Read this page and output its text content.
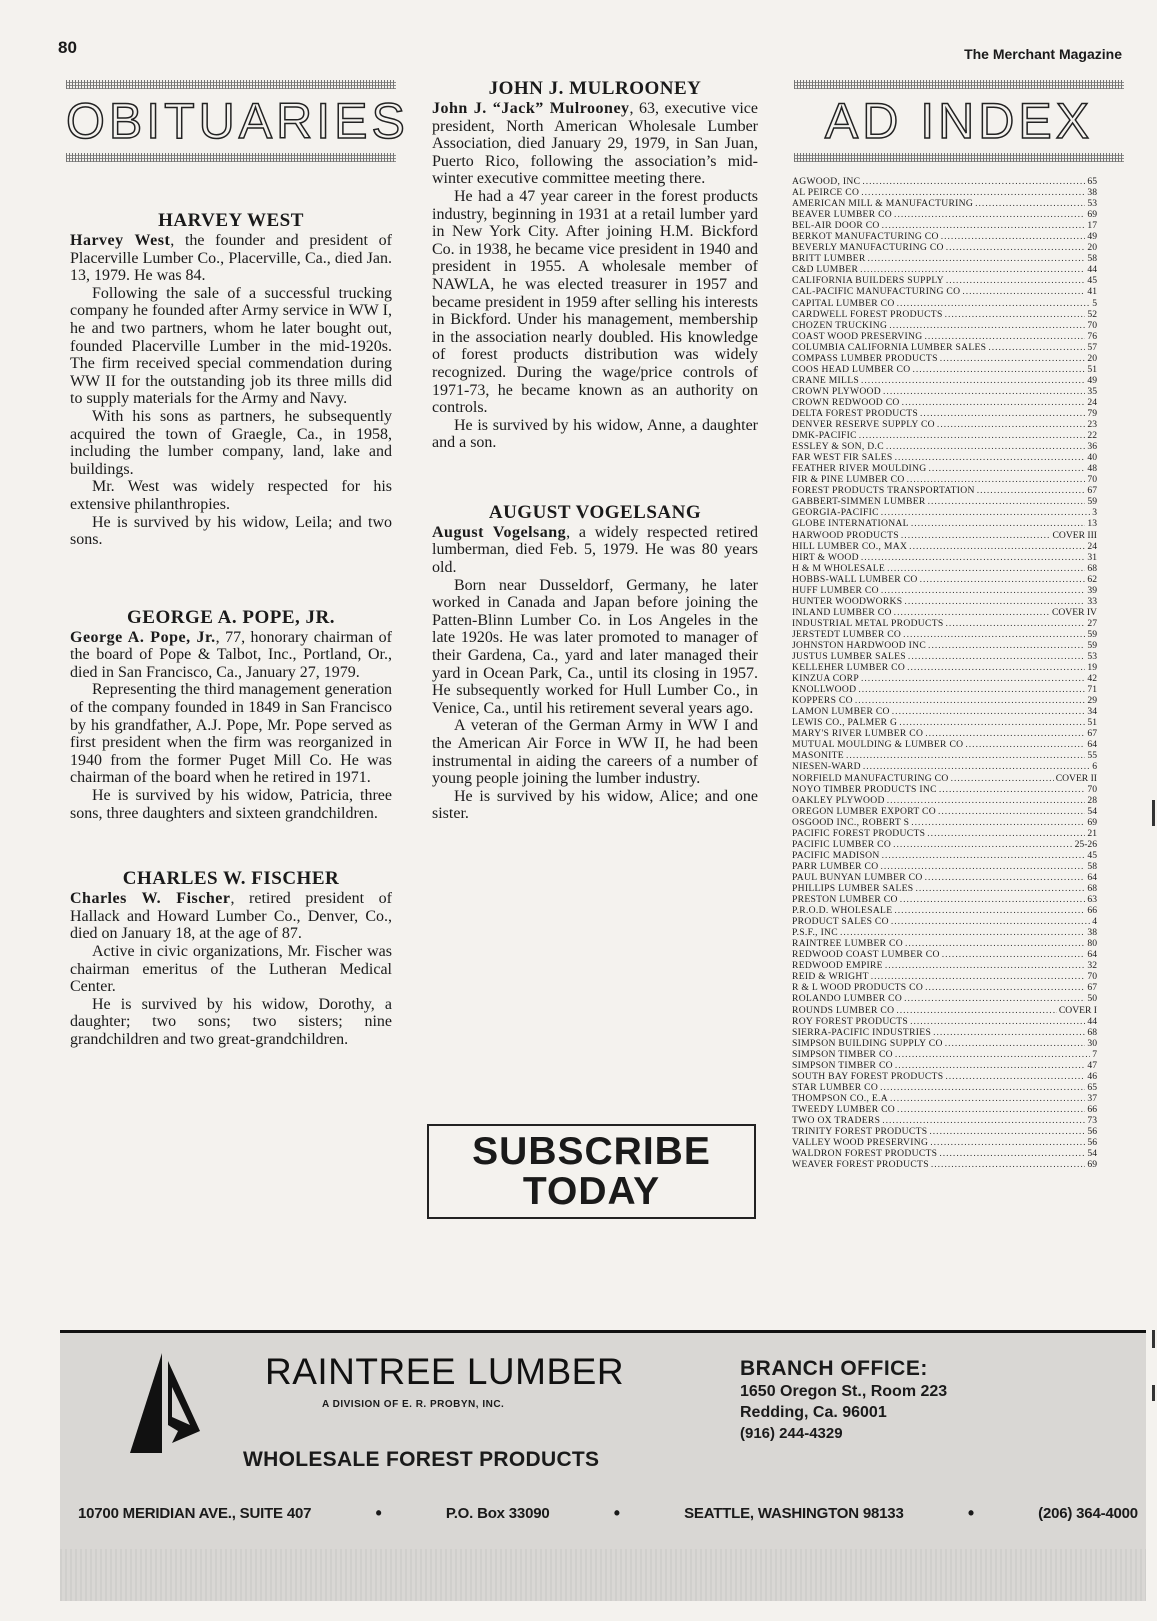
80	The Merchant Magazine
OBITUARIES	AD INDEX
HARVEY WEST

Harvey West, the founder and president of Placerville Lumber Co., Placerville, Ca., died Jan. 13, 1979. He was 84.

Following the sale of a successful trucking company he founded after Army service in WW I, he and two partners, whom he later bought out, founded Placerville Lumber in the mid-1920s. The firm received special commendation during WW II for the outstanding job its three mills did to supply materials for the Army and Navy.

With his sons as partners, he subsequently acquired the town of Graegle, Ca., in 1958, including the lumber company, land, lake and buildings.

Mr. West was widely respected for his extensive philanthropies.

He is survived by his widow, Leila; and two sons.

GEORGE A. POPE, JR.

George A. Pope, Jr., 77, honorary chairman of the board of Pope & Talbot, Inc., Portland, Or., died in San Francisco, Ca., January 27, 1979.

Representing the third management generation of the company founded in 1849 in San Francisco by his grandfather, A.J. Pope, Mr. Pope served as first president when the firm was reorganized in 1940 from the former Puget Mill Co. He was chairman of the board when he retired in 1971.

He is survived by his widow, Patricia, three sons, three daughters and sixteen grandchildren.

CHARLES W. FISCHER

Charles W. Fischer, retired president of Hallack and Howard Lumber Co., Denver, Co., died on January 18, at the age of 87.

Active in civic organizations, Mr. Fischer was chairman emeritus of the Lutheran Medical Center.

He is survived by his widow, Dorothy, a daughter; two sons; two sisters; nine grandchildren and two great-grandchildren.

JOHN J. MULROONEY

John J. “Jack” Mulrooney, 63, executive vice president, North American Wholesale Lumber Association, died January 29, 1979, in San Juan, Puerto Rico, following the association’s mid-winter executive committee meeting there.

He had a 47 year career in the forest products industry, beginning in 1931 at a retail lumber yard in New York City. After joining H.M. Bickford Co. in 1938, he became vice president in 1940 and president in 1955. A wholesale member of NAWLA, he was elected treasurer in 1957 and became president in 1959 after selling his interests in Bickford. Under his management, membership in the association nearly doubled. His knowledge of forest products distribution was widely recognized. During the wage/price controls of 1971-73, he became known as an authority on controls.

He is survived by his widow, Anne, a daughter and a son.

AUGUST VOGELSANG

August Vogelsang, a widely respected retired lumberman, died Feb. 5, 1979. He was 80 years old.

Born near Dusseldorf, Germany, he later worked in Canada and Japan before joining the Patten-Blinn Lumber Co. in Los Angeles in the late 1920s. He was later promoted to manager of their Gardena, Ca., yard and later managed their yard in Ocean Park, Ca., until its closing in 1957. He subsequently worked for Hull Lumber Co., in Venice, Ca., until his retirement several years ago.

A veteran of the German Army in WW I and the American Air Force in WW II, he had been instrumental in aiding the careers of a number of young people joining the lumber industry.

He is survived by his widow, Alice; and one sister.

SUBSCRIBE
TODAY
AGWOOD, INC .....	65
AL PEIRCE CO .....	38
AMERICAN MILL & MANUFACTURING .....	53
BEAVER LUMBER CO .....	69
BEL-AIR DOOR CO .....	17
BERKOT MANUFACTURING CO .....	49
BEVERLY MANUFACTURING CO .....	20
BRITT LUMBER .....	58
C&D LUMBER .....	44
CALIFORNIA BUILDERS SUPPLY .....	45
CAL-PACIFIC MANUFACTURING CO .....	41
CAPITAL LUMBER CO .....	5
CARDWELL FOREST PRODUCTS .....	52
CHOZEN TRUCKING .....	70
COAST WOOD PRESERVING .....	76
COLUMBIA CALIFORNIA LUMBER SALES .....	57
COMPASS LUMBER PRODUCTS .....	20
COOS HEAD LUMBER CO .....	51
CRANE MILLS .....	49
CROWN PLYWOOD .....	35
CROWN REDWOOD CO .....	24
DELTA FOREST PRODUCTS .....	79
DENVER RESERVE SUPPLY CO .....	23
DMK-PACIFIC .....	22
ESSLEY & SON, D.C .....	36
FAR WEST FIR SALES .....	40
FEATHER RIVER MOULDING .....	48
FIR & PINE LUMBER CO .....	70
FOREST PRODUCTS TRANSPORTATION .....	67
GABBERT-SIMMEN LUMBER .....	59
GEORGIA-PACIFIC .....	3
GLOBE INTERNATIONAL .....	13
HARWOOD PRODUCTS .....	COVER III
HILL LUMBER CO., MAX .....	24
HIRT & WOOD .....	31
H & M WHOLESALE .....	68
HOBBS-WALL LUMBER CO .....	62
HUFF LUMBER CO .....	39
HUNTER WOODWORKS .....	33
INLAND LUMBER CO .....	COVER IV
INDUSTRIAL METAL PRODUCTS .....	27
JERSTEDT LUMBER CO .....	59
JOHNSTON HARDWOOD INC .....	59
JUSTUS LUMBER SALES .....	53
KELLEHER LUMBER CO .....	19
KINZUA CORP .....	42
KNOLLWOOD .....	71
KOPPERS CO .....	29
LAMON LUMBER CO .....	34
LEWIS CO., PALMER G .....	51
MARY'S RIVER LUMBER CO .....	67
MUTUAL MOULDING & LUMBER CO .....	64
MASONITE .....	55
NIESEN-WARD .....	6
NORFIELD MANUFACTURING CO .....	COVER II
NOYO TIMBER PRODUCTS INC .....	70
OAKLEY PLYWOOD .....	28
OREGON LUMBER EXPORT CO .....	54
OSGOOD INC., ROBERT S .....	69
PACIFIC FOREST PRODUCTS .....	21
PACIFIC LUMBER CO .....	25-26
PACIFIC MADISON .....	45
PARR LUMBER CO .....	58
PAUL BUNYAN LUMBER CO .....	64
PHILLIPS LUMBER SALES .....	68
PRESTON LUMBER CO .....	63
P.R.O.D. WHOLESALE .....	66
PRODUCT SALES CO .....	4
P.S.F., INC .....	38
RAINTREE LUMBER CO .....	80
REDWOOD COAST LUMBER CO .....	64
REDWOOD EMPIRE .....	32
REID & WRIGHT .....	70
R & L WOOD PRODUCTS CO .....	67
ROLANDO LUMBER CO .....	50
ROUNDS LUMBER CO .....	COVER I
ROY FOREST PRODUCTS .....	44
SIERRA-PACIFIC INDUSTRIES .....	68
SIMPSON BUILDING SUPPLY CO .....	30
SIMPSON TIMBER CO .....	7
SIMPSON TIMBER CO .....	47
SOUTH BAY FOREST PRODUCTS .....	46
STAR LUMBER CO .....	65
THOMPSON CO., E.A .....	37
TWEEDY LUMBER CO .....	66
TWO OX TRADERS .....	73
TRINITY FOREST PRODUCTS .....	56
VALLEY WOOD PRESERVING .....	56
WALDRON FOREST PRODUCTS .....	54
WEAVER FOREST PRODUCTS .....	69
RAINTREE LUMBER
A DIVISION OF E. R. PROBYN, INC.
WHOLESALE FOREST PRODUCTS
BRANCH OFFICE:
1650 Oregon St., Room 223
Redding, Ca. 96001
(916) 244-4329
10700 MERIDIAN AVE., SUITE 407	•	P.O. Box 33090	•	SEATTLE, WASHINGTON 98133	•	(206) 364-4000
